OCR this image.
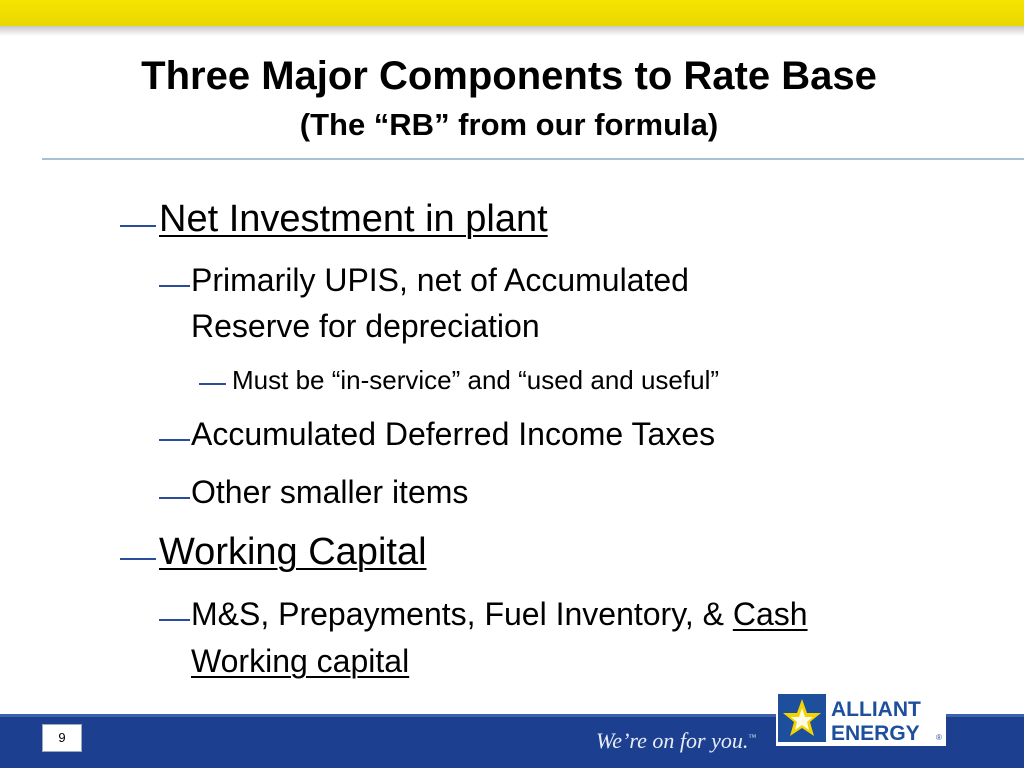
Three Major Components to Rate Base
(The “RB” from our formula)
Net Investment in plant
Primarily UPIS, net of Accumulated
Reserve for depreciation
Must be “in-service” and “used and useful”
Accumulated Deferred Income Taxes
Other smaller items
Working Capital
M&S, Prepayments, Fuel Inventory, & Cash
Working capital
9	We’re on for you.™
ALLIANT
ENERGY ®
